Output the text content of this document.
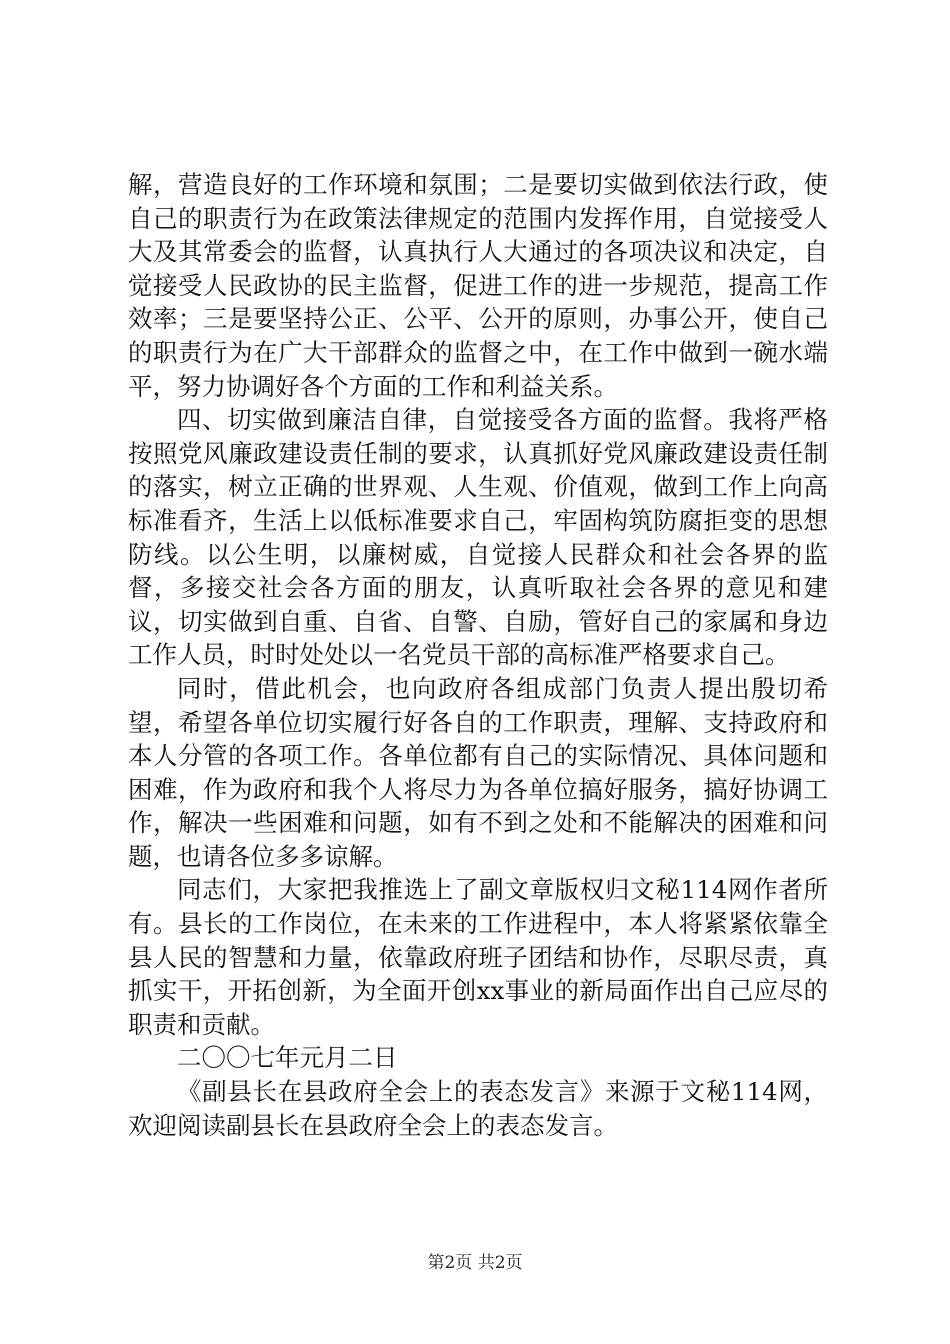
解，营造良好的工作环境和氛围；二是要切实做到依法行政，使自己的职责行为在政策法律规定的范围内发挥作用，自觉接受人大及其常委会的监督，认真执行人大通过的各项决议和决定，自觉接受人民政协的民主监督，促进工作的进一步规范，提高工作效率；三是要坚持公正、公平、公开的原则，办事公开，使自己的职责行为在广大干部群众的监督之中，在工作中做到一碗水端平，努力协调好各个方面的工作和利益关系。

四、切实做到廉洁自律，自觉接受各方面的监督。我将严格按照党风廉政建设责任制的要求，认真抓好党风廉政建设责任制的落实，树立正确的世界观、人生观、价值观，做到工作上向高标准看齐，生活上以低标准要求自己，牢固构筑防腐拒变的思想防线。以公生明，以廉树威，自觉接人民群众和社会各界的监督，多接交社会各方面的朋友，认真听取社会各界的意见和建议，切实做到自重、自省、自警、自励，管好自己的家属和身边工作人员，时时处处以一名党员干部的高标准严格要求自己。

同时，借此机会，也向政府各组成部门负责人提出殷切希望，希望各单位切实履行好各自的工作职责，理解、支持政府和本人分管的各项工作。各单位都有自己的实际情况、具体问题和困难，作为政府和我个人将尽力为各单位搞好服务，搞好协调工作，解决一些困难和问题，如有不到之处和不能解决的困难和问题，也请各位多多谅解。

同志们，大家把我推选上了副文章版权归文秘114网作者所有。县长的工作岗位，在未来的工作进程中，本人将紧紧依靠全县人民的智慧和力量，依靠政府班子团结和协作，尽职尽责，真抓实干，开拓创新，为全面开创xx事业的新局面作出自己应尽的职责和贡献。

二〇〇七年元月二日

《副县长在县政府全会上的表态发言》来源于文秘114网，欢迎阅读副县长在县政府全会上的表态发言。

第2页 共2页
